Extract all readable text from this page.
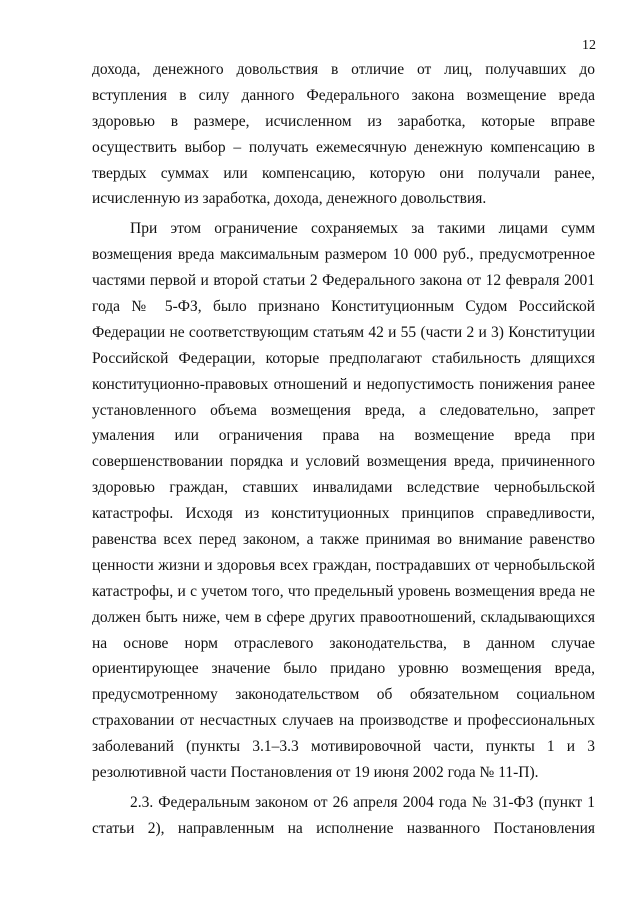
12
дохода, денежного довольствия в отличие от лиц, получавших до
вступления в силу данного Федерального закона возмещение вреда
здоровью в размере, исчисленном из заработка, которые вправе
осуществить выбор – получать ежемесячную денежную компенсацию в
твердых суммах или компенсацию, которую они получали ранее,
исчисленную из заработка, дохода, денежного довольствия.
При этом ограничение сохраняемых за такими лицами сумм
возмещения вреда максимальным размером 10 000 руб., предусмотренное
частями первой и второй статьи 2 Федерального закона от 12 февраля 2001
года № 5-ФЗ, было признано Конституционным Судом Российской
Федерации не соответствующим статьям 42 и 55 (части 2 и 3) Конституции
Российской Федерации, которые предполагают стабильность длящихся
конституционно-правовых отношений и недопустимость понижения ранее
установленного объема возмещения вреда, а следовательно, запрет
умаления или ограничения права на возмещение вреда при
совершенствовании порядка и условий возмещения вреда, причиненного
здоровью граждан, ставших инвалидами вследствие чернобыльской
катастрофы. Исходя из конституционных принципов справедливости,
равенства всех перед законом, а также принимая во внимание равенство
ценности жизни и здоровья всех граждан, пострадавших от чернобыльской
катастрофы, и с учетом того, что предельный уровень возмещения вреда не
должен быть ниже, чем в сфере других правоотношений, складывающихся
на основе норм отраслевого законодательства, в данном случае
ориентирующее значение было придано уровню возмещения вреда,
предусмотренному законодательством об обязательном социальном
страховании от несчастных случаев на производстве и профессиональных
заболеваний (пункты 3.1–3.3 мотивировочной части, пункты 1 и 3
резолютивной части Постановления от 19 июня 2002 года № 11-П).
2.3. Федеральным законом от 26 апреля 2004 года № 31-ФЗ (пункт 1
статьи 2), направленным на исполнение названного Постановления
